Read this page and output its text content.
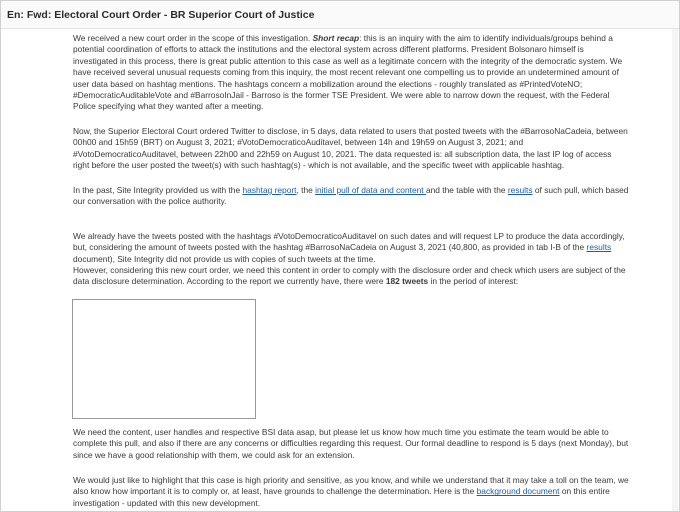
En: Fwd: Electoral Court Order - BR Superior Court of Justice

We received a new court order in the scope of this investigation. Short recap: this is an inquiry with the aim to identify individuals/groups behind a potential coordination of efforts to attack the institutions and the electoral system across different platforms. President Bolsonaro himself is investigated in this process, there is great public attention to this case as well as a legitimate concern with the integrity of the democratic system. We have received several unusual requests coming from this inquiry, the most recent relevant one compelling us to provide an undetermined amount of user data based on hashtag mentions. The hashtags concern a mobilization around the elections - roughly translated as #PrintedVoteNO; #DemocraticAuditableVote and #BarrosoInJail - Barroso is the former TSE President. We were able to narrow down the request, with the Federal Police specifying what they wanted after a meeting.

Now, the Superior Electoral Court ordered Twitter to disclose, in 5 days, data related to users that posted tweets with the #BarrosoNaCadeia, between 00h00 and 15h59 (BRT) on August 3, 2021; #VotoDemocraticoAuditavel, between 14h and 19h59 on August 3, 2021; and #VotoDemocraticoAuditavel, between 22h00 and 22h59 on August 10, 2021. The data requested is: all subscription data, the last IP log of access right before the user posted the tweet(s) with such hashtag(s) - which is not available, and the specific tweet with applicable hashtag.

In the past, Site Integrity provided us with the hashtag report, the initial pull of data and content and the table with the results of such pull, which based our conversation with the police authority.

We already have the tweets posted with the hashtags #VotoDemocraticoAuditavel on such dates and will request LP to produce the data accordingly, but, considering the amount of tweets posted with the hashtag #BarrosoNaCadeia on August 3, 2021 (40,800, as provided in tab I-B of the results document), Site Integrity did not provide us with copies of such tweets at the time.

However, considering this new court order, we need this content in order to comply with the disclosure order and check which users are subject of the data disclosure determination. According to the report we currently have, there were 182 tweets in the period of interest:

We need the content, user handles and respective BSI data asap, but please let us know how much time you estimate the team would be able to complete this pull, and also if there are any concerns or difficulties regarding this request. Our formal deadline to respond is 5 days (next Monday), but since we have a good relationship with them, we could ask for an extension.

We would just like to highlight that this case is high priority and sensitive, as you know, and while we understand that it may take a toll on the team, we also know how important it is to comply or, at least, have grounds to challenge the determination. Here is the background document on this entire investigation - updated with this new development.
